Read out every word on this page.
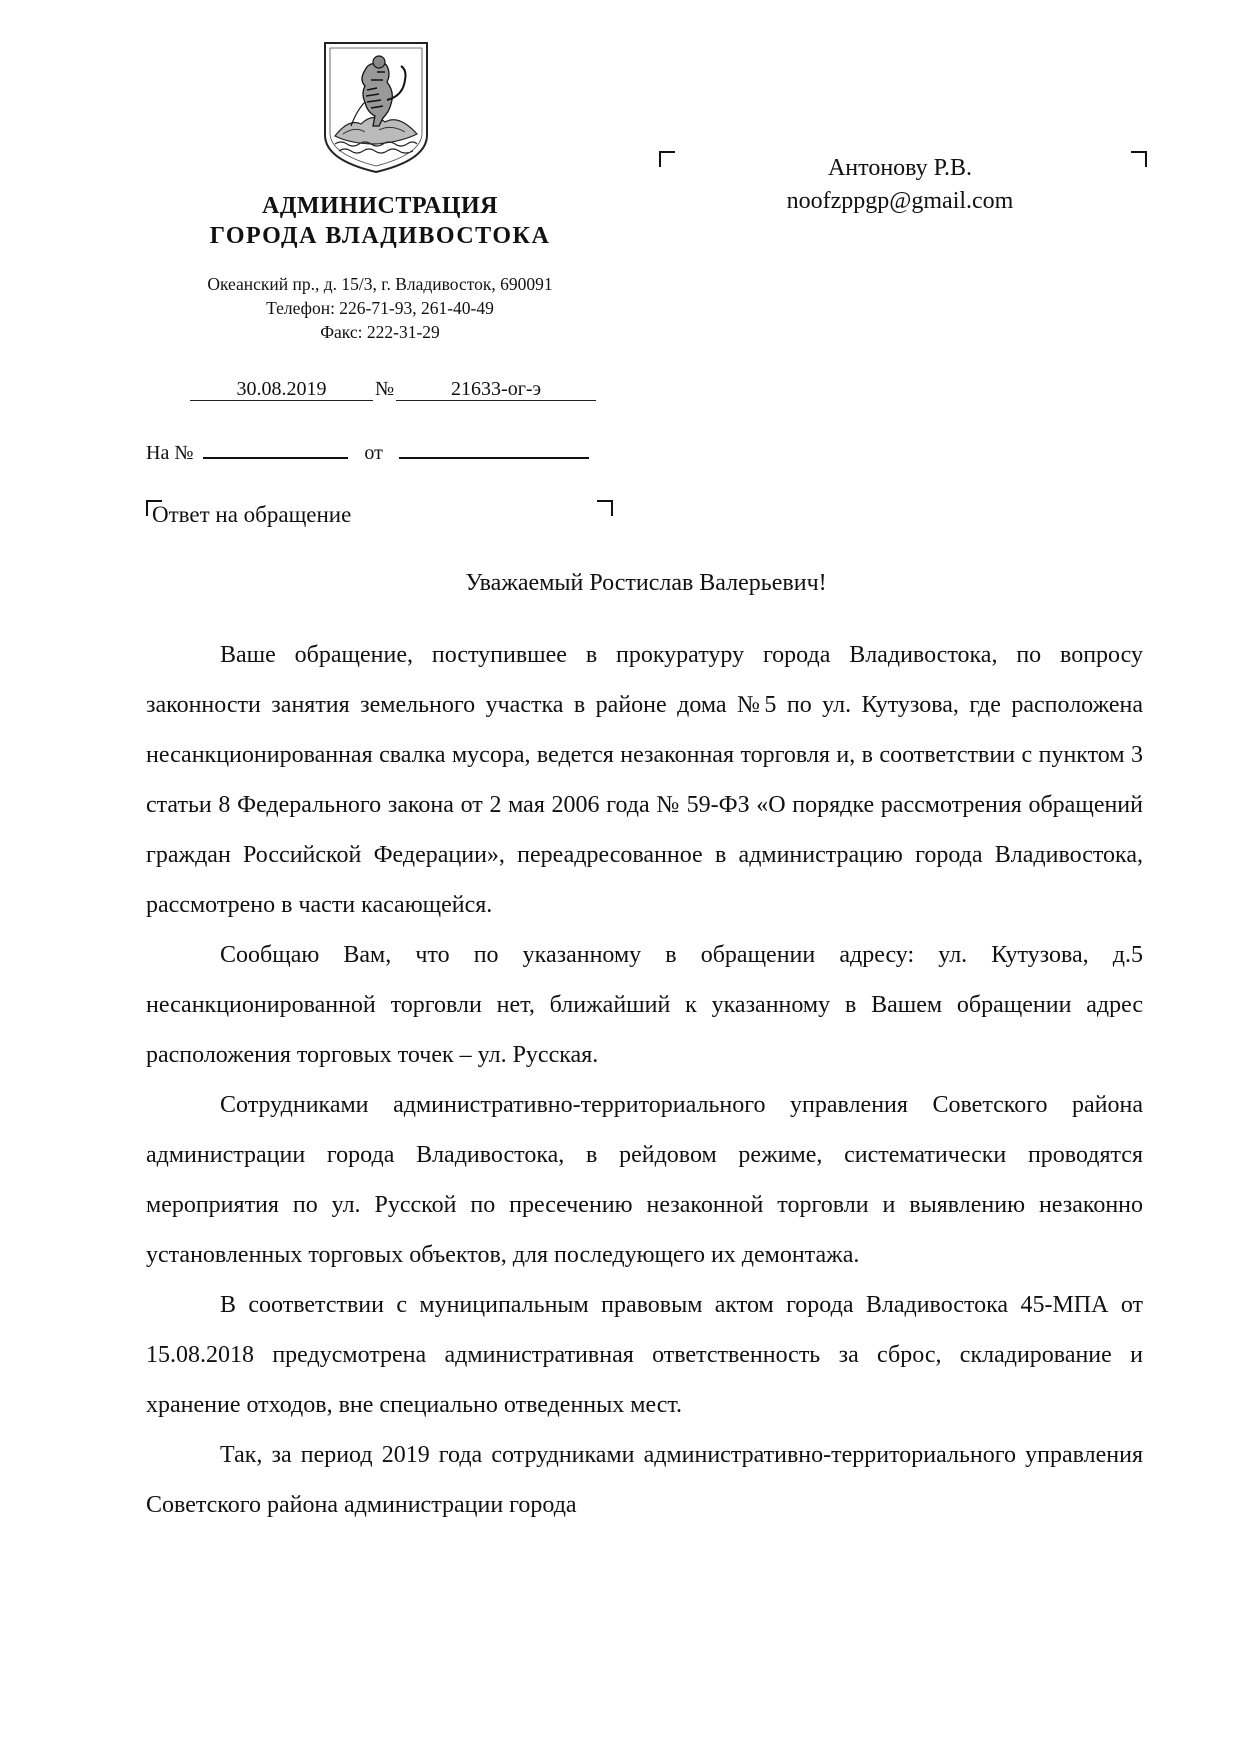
АДМИНИСТРАЦИЯ
ГОРОДА ВЛАДИВОСТОКА
Океанский пр., д. 15/3, г. Владивосток, 690091
Телефон: 226-71-93, 261-40-49
Факс: 222-31-29
30.08.2019 №	21633-ог-э
На №	от
Антонову Р.В.
noofzppgp@gmail.com
Ответ на обращение
Уважаемый Ростислав Валерьевич!

Ваше обращение, поступившее в прокуратуру города Владивостока, по вопросу законности занятия земельного участка в районе дома №5 по ул. Кутузова, где расположена несанкционированная свалка мусора, ведется незаконная торговля и, в соответствии с пунктом 3 статьи 8 Федерального закона от 2 мая 2006 года № 59-ФЗ «О порядке рассмотрения обращений граждан Российской Федерации», переадресованное в администрацию города Владивостока, рассмотрено в части касающейся.

Сообщаю Вам, что по указанному в обращении адресу: ул. Кутузова, д.5 несанкционированной торговли нет, ближайший к указанному в Вашем обращении адрес расположения торговых точек – ул. Русская.

Сотрудниками административно-территориального управления Советского района администрации города Владивостока, в рейдовом режиме, систематически проводятся мероприятия по ул. Русской по пресечению незаконной торговли и выявлению незаконно установленных торговых объектов, для последующего их демонтажа.

В соответствии с муниципальным правовым актом города Владивостока 45-МПА от 15.08.2018 предусмотрена административная ответственность за сброс, складирование и хранение отходов, вне специально отведенных мест.

Так, за период 2019 года сотрудниками административно-территориального управления Советского района администрации города
